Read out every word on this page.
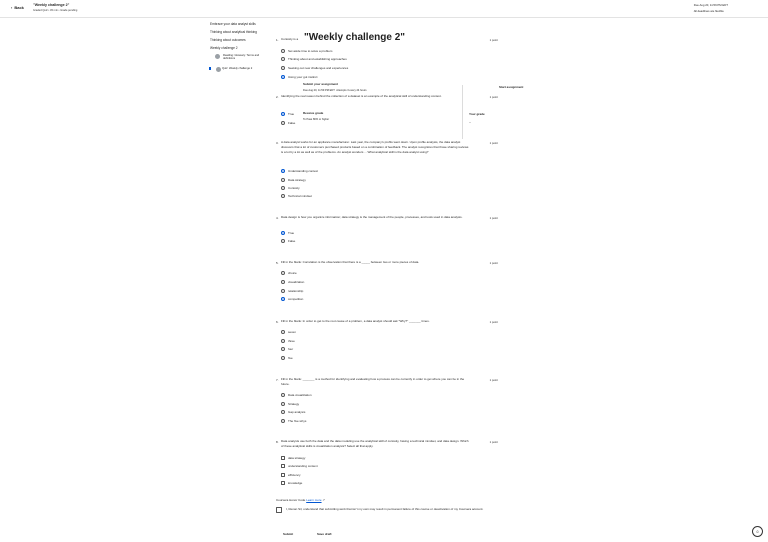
‹ Back	"Weekly challenge 2"
Graded Quiz • 45 min • Grade pending
Due Aug 20, 11:59 PM EDT
All deadlines are flexible
Embrace your data analyst skills
Thinking about analytical thinking
Thinking about outcomes
Weekly challenge 2
Reading: Glossary: Terms and definitions
Quiz: Weekly challenge 2
"Weekly challenge 2"
Submit your assignment
Due Aug 20, 11:59 PM EDT  Attempts 3 every 24 hours
Receive grade
To Pass 80% or higher
Start assignment
Your grade
--
1. Curiosity is a	1 point
Set aside time to solve a problem
Thinking about and establishing approaches
Seeking out new challenges and experiences
Using your gut instinct
2. Identifying the real reason behind the collection of a dataset is an example of the analytical skill of understanding context.	1 point
True
False
3. A data analyst works for an appliance manufacturer. Last year, the company's profits went down. Upon profile analysis, the data analyst discovers that a lot of customers purchased products based on a combination of feedback. The analyst recognizes that those sharing reviews is a lot by a lot as well as of the problems. An analyst wonders ... What analytical skill is the data analyst using?
1 point
Understanding context
Data strategy
Curiosity
Technical mindset
4. Data design is how you organize information; data strategy is the management of the people, processes, and tools used in data analysis.	1 point
True
False
5. Fill in the blank: Correlation is the observation that there is a _____ between two or more pieces of data.	1 point
choice
visualization
relationship
competition
6. Fill in the blank: In order to get to the root cause of a problem, a data analyst should ask "Why?" _______ times.	1 point
seven
three
four
five
7. Fill in the blank: _______ is a method for identifying and evaluating how a process can be currently in order to get where you can be in the future.
1 point
Data visualization
Strategy
Gap analysis
The five whys
8. Data analysts use both the data and the data modeling use the analytical skill of curiosity, having a technical mindset, and data design. Which of these analytical skills is visualization analysis? Select all that apply.
1 point
data strategy
understanding context
efficiency
knowledge
Coursera Honor Code Learn more ↗
I, Renan Sil, understand that submitting work that isn't my own may result in permanent failure of this course or deactivation of my Coursera account.
Submit	Save draft	☺
